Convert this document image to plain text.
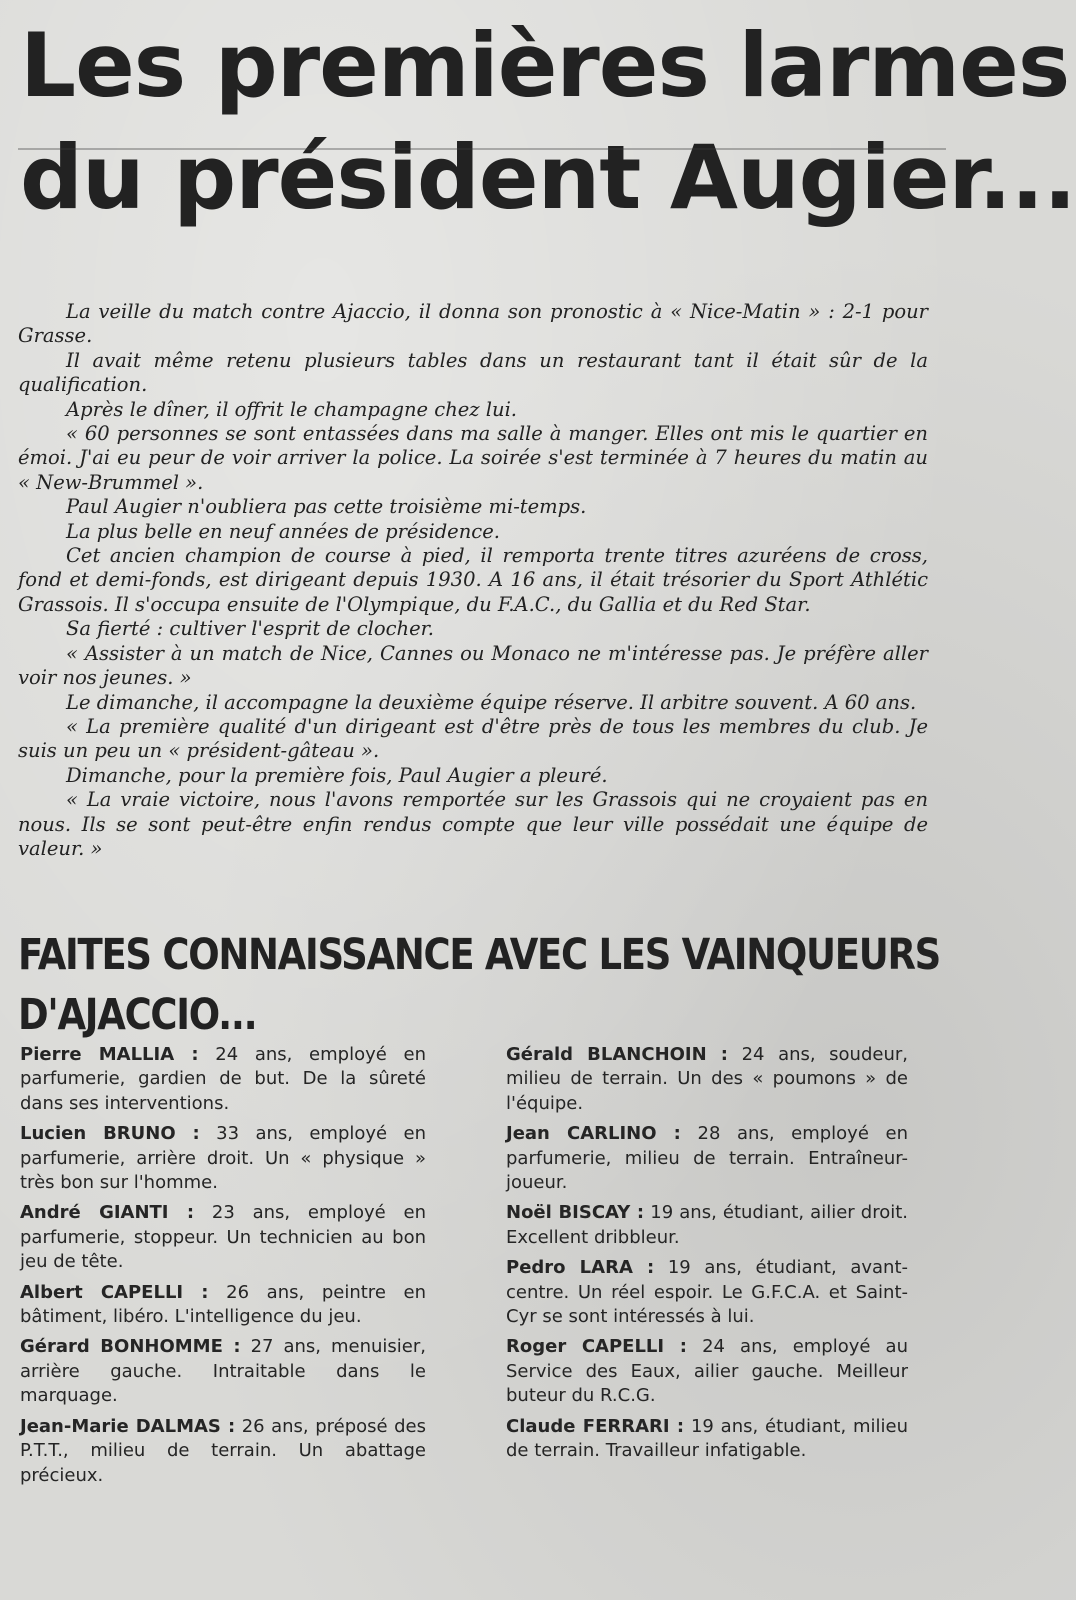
Les premières larmes
du président Augier...

La veille du match contre Ajaccio, il donna son pronostic à « Nice-Matin » : 2-1 pour Grasse.

Il avait même retenu plusieurs tables dans un restaurant tant il était sûr de la qualification.

Après le dîner, il offrit le champagne chez lui.

« 60 personnes se sont entassées dans ma salle à manger. Elles ont mis le quartier en émoi. J'ai eu peur de voir arriver la police. La soirée s'est terminée à 7 heures du matin au « New-Brummel ».

Paul Augier n'oubliera pas cette troisième mi-temps.

La plus belle en neuf années de présidence.

Cet ancien champion de course à pied, il remporta trente titres azuréens de cross, fond et demi-fonds, est dirigeant depuis 1930. A 16 ans, il était trésorier du Sport Athlétic Grassois. Il s'occupa ensuite de l'Olympique, du F.A.C., du Gallia et du Red Star.

Sa fierté : cultiver l'esprit de clocher.

« Assister à un match de Nice, Cannes ou Monaco ne m'intéresse pas. Je préfère aller voir nos jeunes. »

Le dimanche, il accompagne la deuxième équipe réserve. Il arbitre souvent. A 60 ans.

« La première qualité d'un dirigeant est d'être près de tous les membres du club. Je suis un peu un « président-gâteau ».

Dimanche, pour la première fois, Paul Augier a pleuré.

« La vraie victoire, nous l'avons remportée sur les Grassois qui ne croyaient pas en nous. Ils se sont peut-être enfin rendus compte que leur ville possédait une équipe de valeur. »

FAITES CONNAISSANCE AVEC LES VAINQUEURS
D'AJACCIO...

Pierre MALLIA : 24 ans, employé en parfumerie, gardien de but. De la sûreté dans ses interventions.

Lucien BRUNO : 33 ans, employé en parfumerie, arrière droit. Un « physique » très bon sur l'homme.

André GIANTI : 23 ans, employé en parfumerie, stoppeur. Un technicien au bon jeu de tête.

Albert CAPELLI : 26 ans, peintre en bâtiment, libéro. L'intelligence du jeu.

Gérard BONHOMME : 27 ans, menuisier, arrière gauche. Intraitable dans le marquage.

Jean-Marie DALMAS : 26 ans, préposé des P.T.T., milieu de terrain. Un abattage précieux.

Gérald BLANCHOIN : 24 ans, soudeur, milieu de terrain. Un des « poumons » de l'équipe.

Jean CARLINO : 28 ans, employé en parfumerie, milieu de terrain. Entraîneur-joueur.

Noël BISCAY : 19 ans, étudiant, ailier droit. Excellent dribbleur.

Pedro LARA : 19 ans, étudiant, avant-centre. Un réel espoir. Le G.F.C.A. et Saint-Cyr se sont intéressés à lui.

Roger CAPELLI : 24 ans, employé au Service des Eaux, ailier gauche. Meilleur buteur du R.C.G.

Claude FERRARI : 19 ans, étudiant, milieu de terrain. Travailleur infatigable.
